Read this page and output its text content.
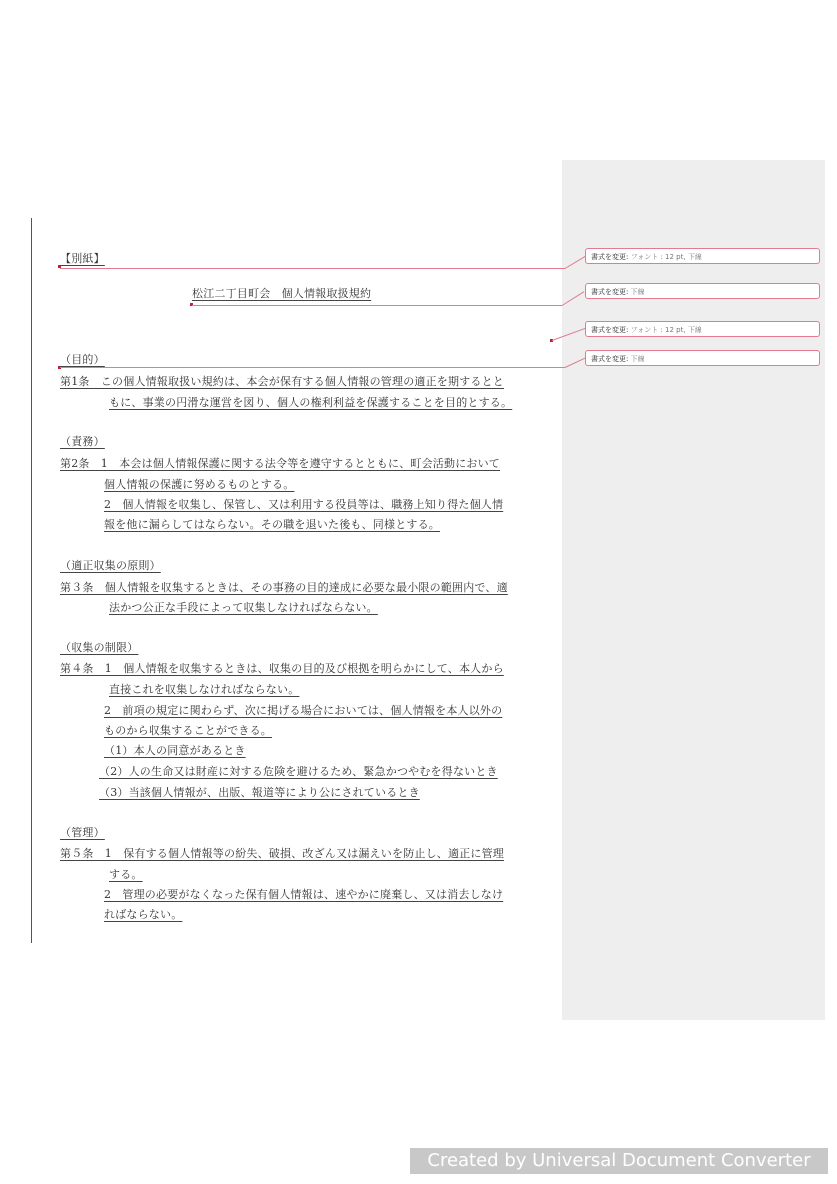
書式を変更: フォント : 12 pt, 下線
書式を変更: 下線
書式を変更: フォント : 12 pt, 下線
書式を変更: 下線
【別紙】
松江二丁目町会　個人情報取扱規約
（目的）
第1条　この個人情報取扱い規約は、本会が保有する個人情報の管理の適正を期するとと
もに、事業の円滑な運営を図り、個人の権利利益を保護することを目的とする。
（責務）
第2条　1　本会は個人情報保護に関する法令等を遵守するとともに、町会活動において
個人情報の保護に努めるものとする。
2　個人情報を収集し、保管し、又は利用する役員等は、職務上知り得た個人情
報を他に漏らしてはならない。その職を退いた後も、同様とする。
（適正収集の原則）
第３条　個人情報を収集するときは、その事務の目的達成に必要な最小限の範囲内で、適
法かつ公正な手段によって収集しなければならない。
（収集の制限）
第４条　1　個人情報を収集するときは、収集の目的及び根拠を明らかにして、本人から
直接これを収集しなければならない。
2　前項の規定に関わらず、次に掲げる場合においては、個人情報を本人以外の
ものから収集することができる。
（1）本人の同意があるとき
（2）人の生命又は財産に対する危険を避けるため、緊急かつやむを得ないとき
（3）当該個人情報が、出版、報道等により公にされているとき
（管理）
第５条　1　保有する個人情報等の紛失、破損、改ざん又は漏えいを防止し、適正に管理
する。
2　管理の必要がなくなった保有個人情報は、速やかに廃棄し、又は消去しなけ
ればならない。
Created by Universal Document Converter
